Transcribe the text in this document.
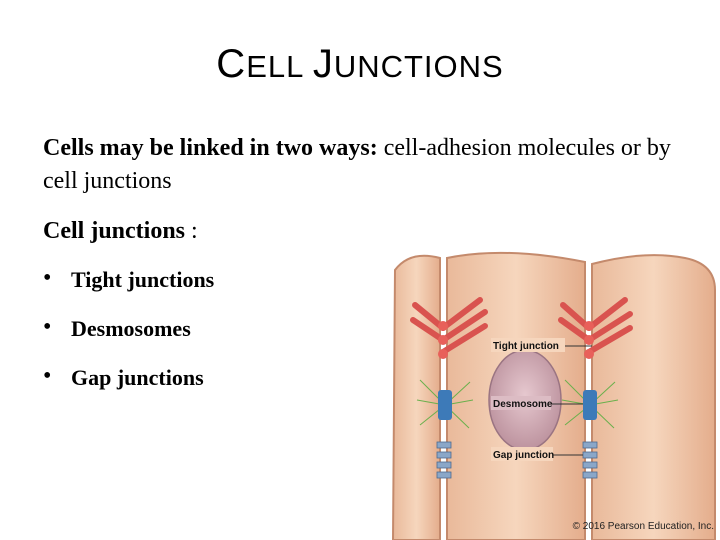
CELL JUNCTIONS
Cells may be linked in two ways: cell-adhesion molecules or by cell junctions
Cell junctions :
• Tight junctions
• Desmosomes
• Gap junctions
Tight junction
Desmosome
Gap junction
© 2016 Pearson Education, Inc.
